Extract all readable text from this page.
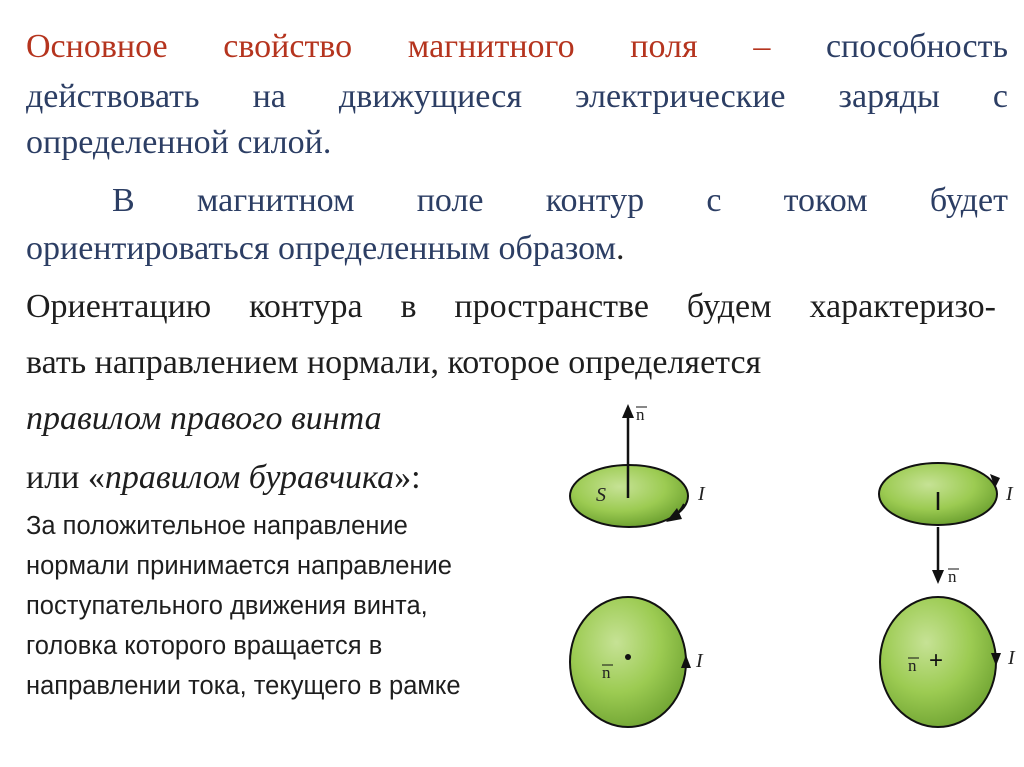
Основное свойство магнитного поля – способность
действовать на движущиеся электрические заряды с
определенной силой.
В магнитном поле контур с током будет
ориентироваться определенным образом.
Ориентацию контура в пространстве будем характеризо-
вать направлением нормали, которое определяется
правилом правого винта
или «правилом буравчика»:
За положительное направление
нормали принимается направление
поступательного движения винта,
головка которого вращается в
направлении тока, текущего в рамке
n
S	I
n
I
n
I	n +	I
